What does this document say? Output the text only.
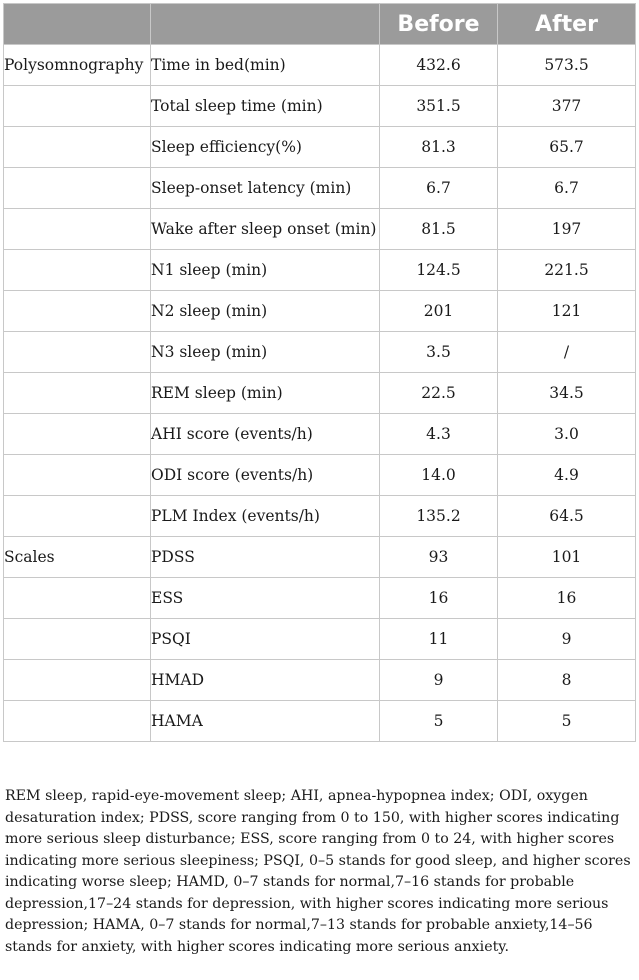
		Before	After
Polysomnography	Time in bed(min)	432.6	573.5
	Total sleep time (min)	351.5	377
	Sleep efficiency(%)	81.3	65.7
	Sleep-onset latency (min)	6.7	6.7
	Wake after sleep onset (min)	81.5	197
	N1 sleep (min)	124.5	221.5
	N2 sleep (min)	201	121
	N3 sleep (min)	3.5	/
	REM sleep (min)	22.5	34.5
	AHI score (events/h)	4.3	3.0
	ODI score (events/h)	14.0	4.9
	PLM Index (events/h)	135.2	64.5
Scales	PDSS	93	101
	ESS	16	16
	PSQI	11	9
	HMAD	9	8
	HAMA	5	5

REM sleep, rapid-eye-movement sleep; AHI, apnea-hypopnea index; ODI, oxygen desaturation index; PDSS, score ranging from 0 to 150, with higher scores indicating more serious sleep disturbance; ESS, score ranging from 0 to 24, with higher scores indicating more serious sleepiness; PSQI, 0–5 stands for good sleep, and higher scores indicating worse sleep; HAMD, 0–7 stands for normal,7–16 stands for probable depression,17–24 stands for depression, with higher scores indicating more serious depression; HAMA, 0–7 stands for normal,7–13 stands for probable anxiety,14–56 stands for anxiety, with higher scores indicating more serious anxiety.
